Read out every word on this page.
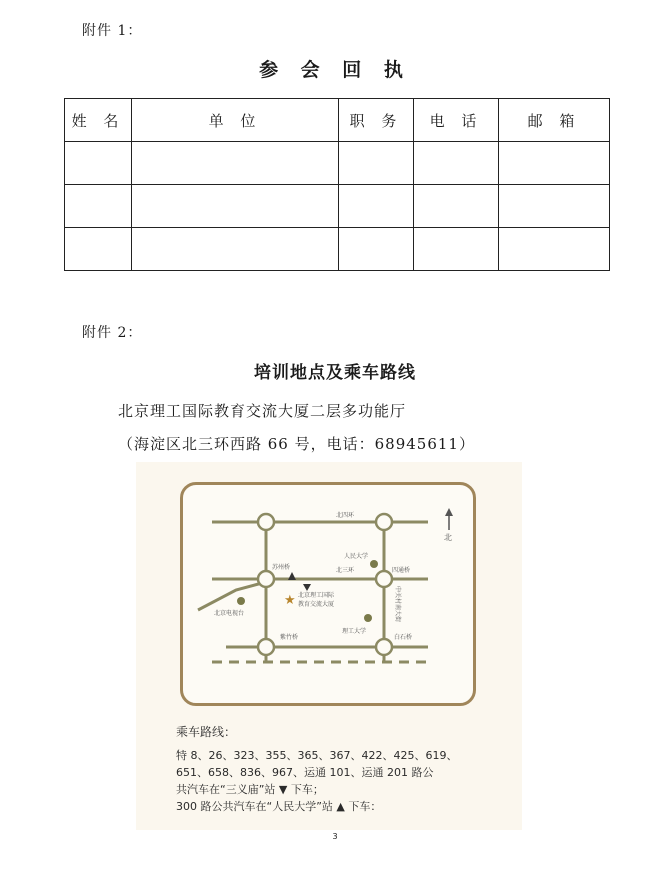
附件 1：
参 会 回 执
姓 名	单 位	职 务	电 话	邮 箱

附件 2：
培训地点及乘车路线
北京理工国际教育交流大厦二层多功能厅
（海淀区北三环西路 66 号，电话：68945611）
★
北
北四环
人民大学
苏州桥	北三环	四通桥
北京理工国际
教育交流大厦
北京电视台
理工大学
紫竹桥	白石桥
中关村南大街
乘车路线：
特 8、26、323、355、365、367、422、425、619、
651、658、836、967、运通 101、运通 201 路公
共汽车在“三义庙”站 ▼ 下车；
300 路公共汽车在“人民大学”站 ▲ 下车：
3
